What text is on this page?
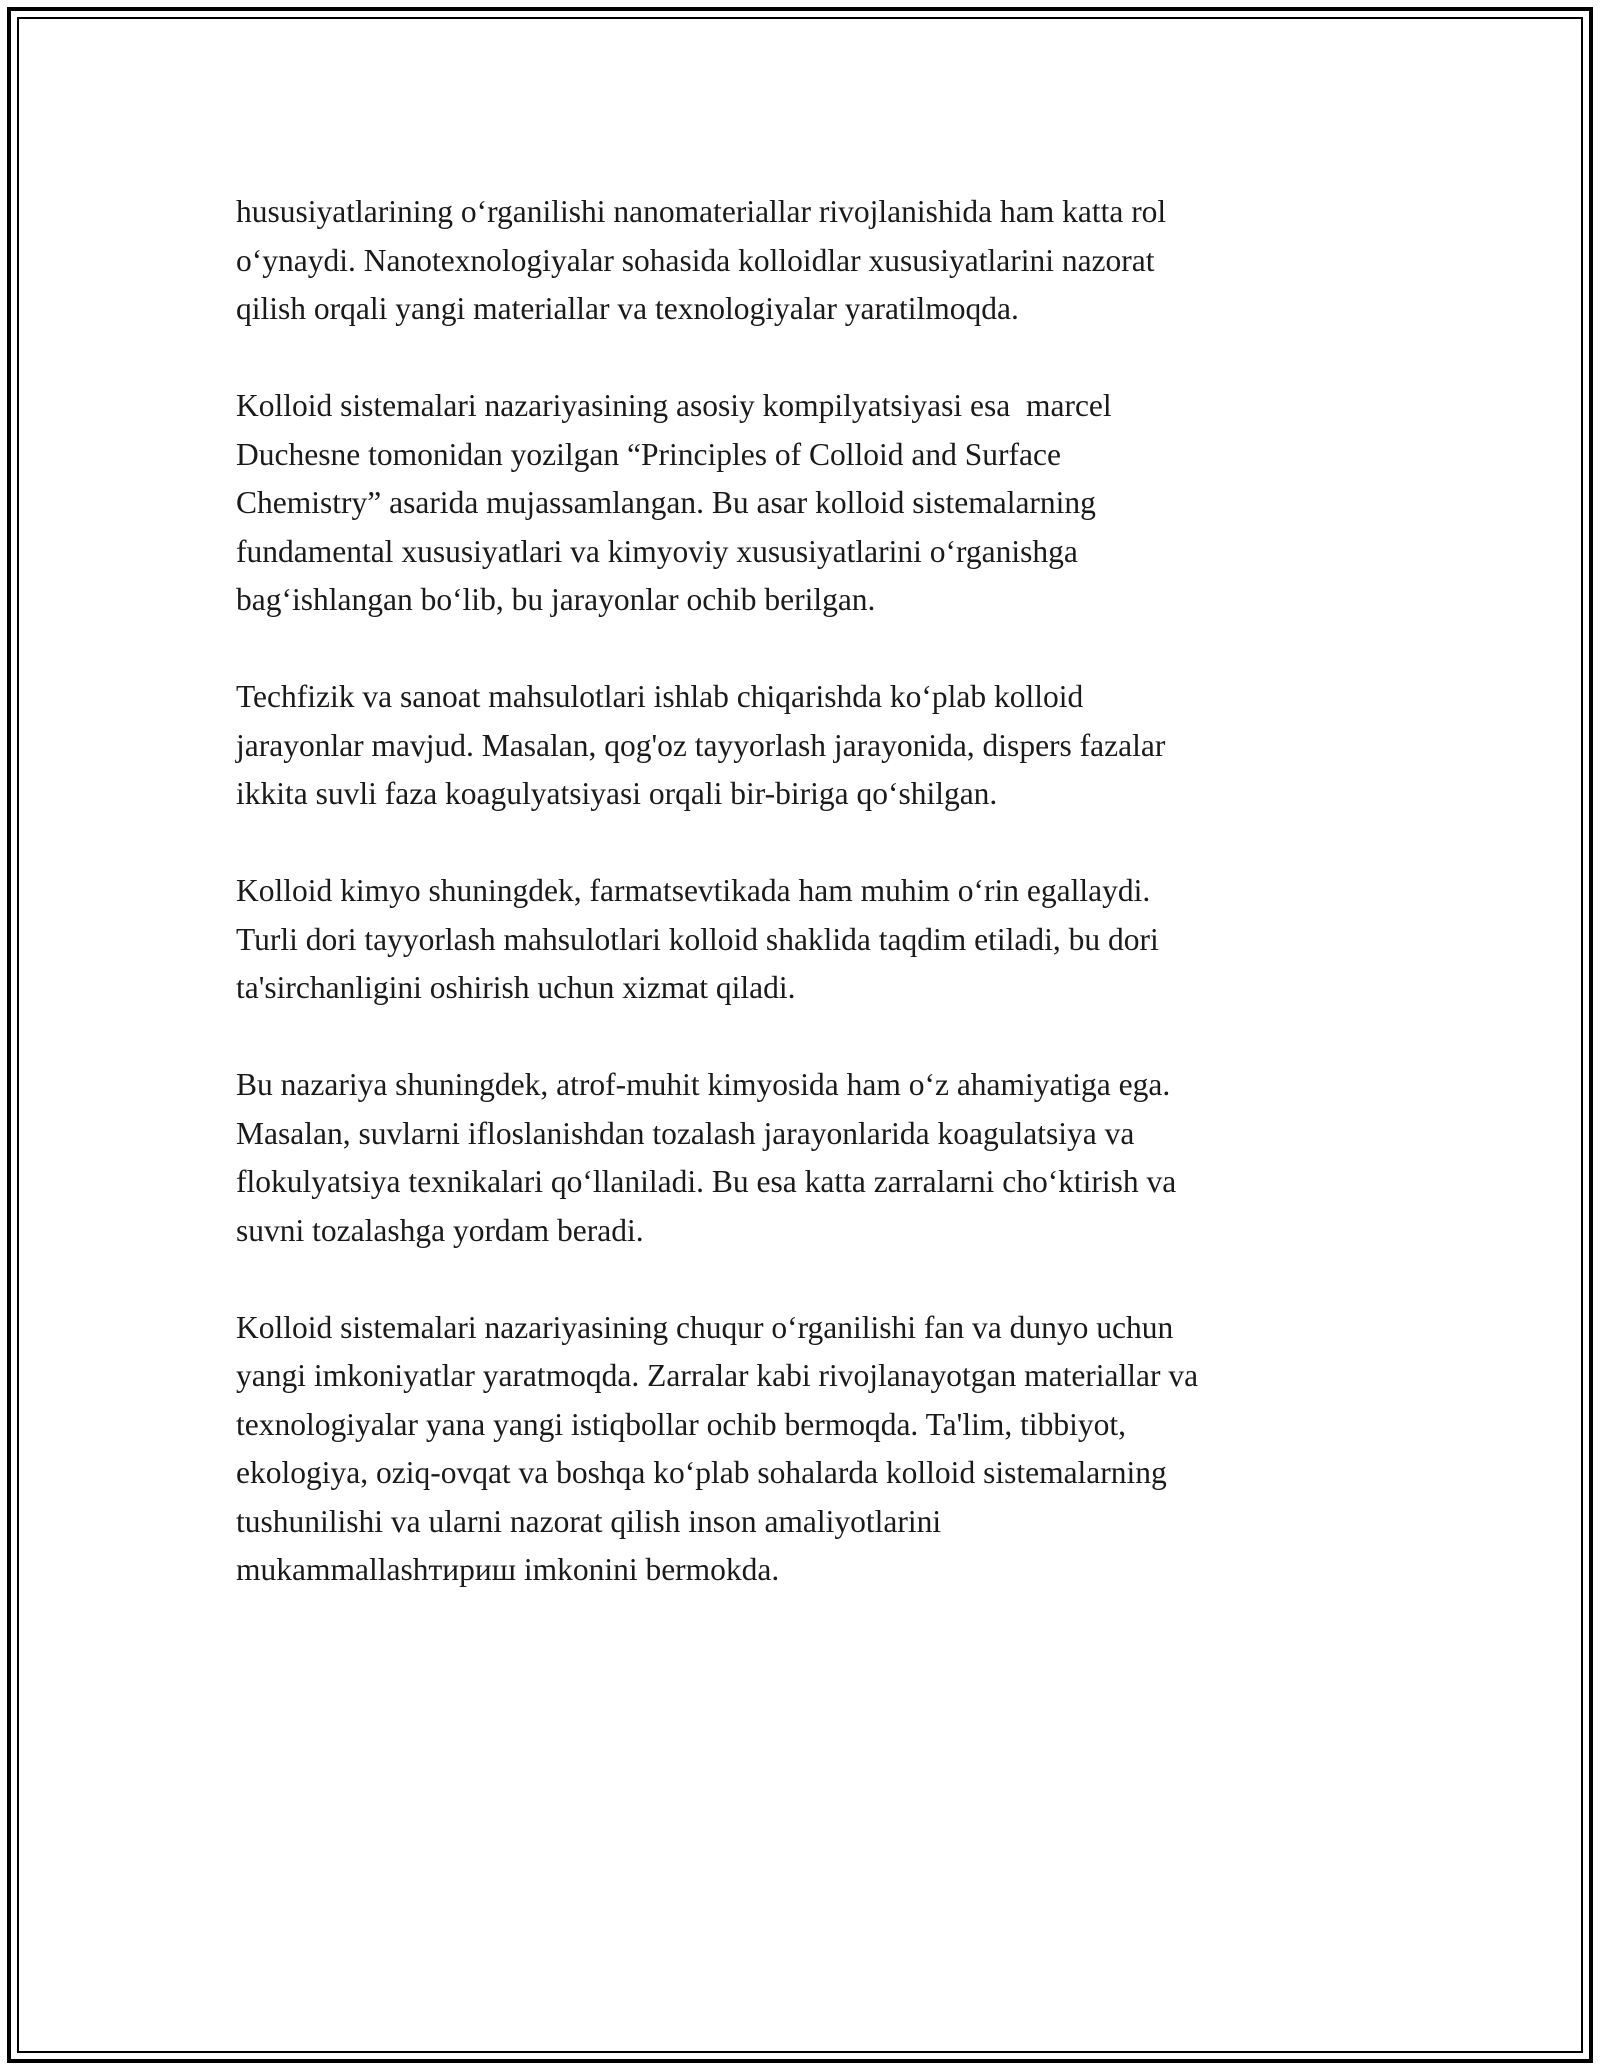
hususiyatlarining o‘rganilishi nanomateriallar rivojlanishida ham katta rol
o‘ynaydi. Nanotexnologiyalar sohasida kolloidlar xususiyatlarini nazorat
qilish orqali yangi materiallar va texnologiyalar yaratilmoqda.

Kolloid sistemalari nazariyasining asosiy kompilyatsiyasi esa  marcel
Duchesne tomonidan yozilgan “Principles of Colloid and Surface
Chemistry” asarida mujassamlangan. Bu asar kolloid sistemalarning
fundamental xususiyatlari va kimyoviy xususiyatlarini o‘rganishga
bag‘ishlangan bo‘lib, bu jarayonlar ochib berilgan.

Techfizik va sanoat mahsulotlari ishlab chiqarishda ko‘plab kolloid
jarayonlar mavjud. Masalan, qog'oz tayyorlash jarayonida, dispers fazalar
ikkita suvli faza koagulyatsiyasi orqali bir-biriga qo‘shilgan.

Kolloid kimyo shuningdek, farmatsevtikada ham muhim o‘rin egallaydi.
Turli dori tayyorlash mahsulotlari kolloid shaklida taqdim etiladi, bu dori
ta'sirchanligini oshirish uchun xizmat qiladi.

Bu nazariya shuningdek, atrof-muhit kimyosida ham o‘z ahamiyatiga ega.
Masalan, suvlarni ifloslanishdan tozalash jarayonlarida koagulatsiya va
flokulyatsiya texnikalari qo‘llaniladi. Bu esa katta zarralarni cho‘ktirish va
suvni tozalashga yordam beradi.

Kolloid sistemalari nazariyasining chuqur o‘rganilishi fan va dunyo uchun
yangi imkoniyatlar yaratmoqda. Zarralar kabi rivojlanayotgan materiallar va
texnologiyalar yana yangi istiqbollar ochib bermoqda. Ta'lim, tibbiyot,
ekologiya, oziq-ovqat va boshqa ko‘plab sohalarda kolloid sistemalarning
tushunilishi va ularni nazorat qilish inson amaliyotlarini
mukammallashтириш imkonini bermokda.
